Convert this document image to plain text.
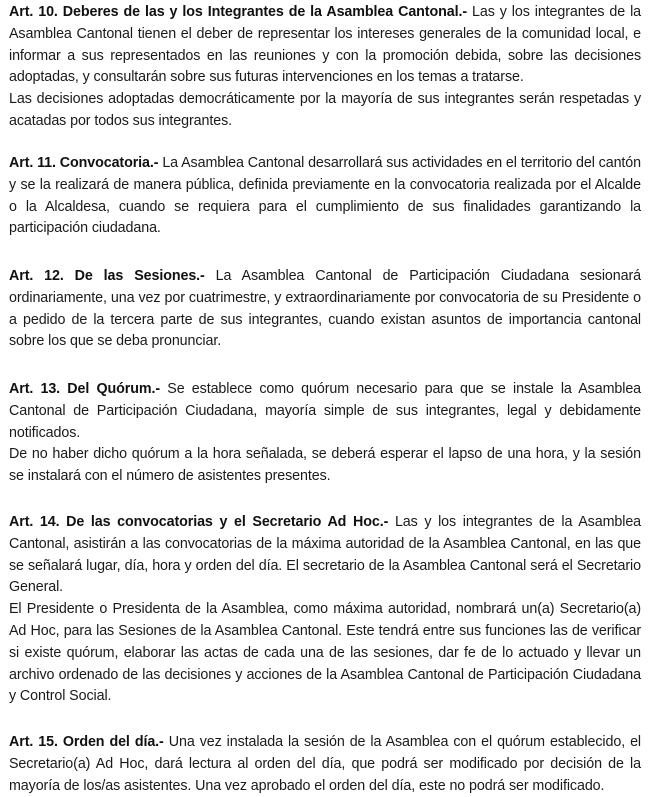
Art. 10. Deberes de las y los Integrantes de la Asamblea Cantonal.- Las y los integrantes de la Asamblea Cantonal tienen el deber de representar los intereses generales de la comunidad local, e informar a sus representados en las reuniones y con la promoción debida, sobre las decisiones adoptadas, y consultarán sobre sus futuras intervenciones en los temas a tratarse.

Las decisiones adoptadas democráticamente por la mayoría de sus integrantes serán respetadas y acatadas por todos sus integrantes.

Art. 11. Convocatoria.- La Asamblea Cantonal desarrollará sus actividades en el territorio del cantón y se la realizará de manera pública, definida previamente en la convocatoria realizada por el Alcalde o la Alcaldesa, cuando se requiera para el cumplimiento de sus finalidades garantizando la participación ciudadana.

Art. 12. De las Sesiones.- La Asamblea Cantonal de Participación Ciudadana sesionará ordinariamente, una vez por cuatrimestre, y extraordinariamente por convocatoria de su Presidente o a pedido de la tercera parte de sus integrantes, cuando existan asuntos de importancia cantonal sobre los que se deba pronunciar.

Art. 13. Del Quórum.- Se establece como quórum necesario para que se instale la Asamblea Cantonal de Participación Ciudadana, mayoría simple de sus integrantes, legal y debidamente notificados.

De no haber dicho quórum a la hora señalada, se deberá esperar el lapso de una hora, y la sesión se instalará con el número de asistentes presentes.

Art. 14. De las convocatorias y el Secretario Ad Hoc.- Las y los integrantes de la Asamblea Cantonal, asistirán a las convocatorias de la máxima autoridad de la Asamblea Cantonal, en las que se señalará lugar, día, hora y orden del día. El secretario de la Asamblea Cantonal será el Secretario General.

El Presidente o Presidenta de la Asamblea, como máxima autoridad, nombrará un(a) Secretario(a) Ad Hoc, para las Sesiones de la Asamblea Cantonal. Este tendrá entre sus funciones las de verificar si existe quórum, elaborar las actas de cada una de las sesiones, dar fe de lo actuado y llevar un archivo ordenado de las decisiones y acciones de la Asamblea Cantonal de Participación Ciudadana y Control Social.

Art. 15. Orden del día.- Una vez instalada la sesión de la Asamblea con el quórum establecido, el Secretario(a) Ad Hoc, dará lectura al orden del día, que podrá ser modificado por decisión de la mayoría de los/as asistentes. Una vez aprobado el orden del día, este no podrá ser modificado.
